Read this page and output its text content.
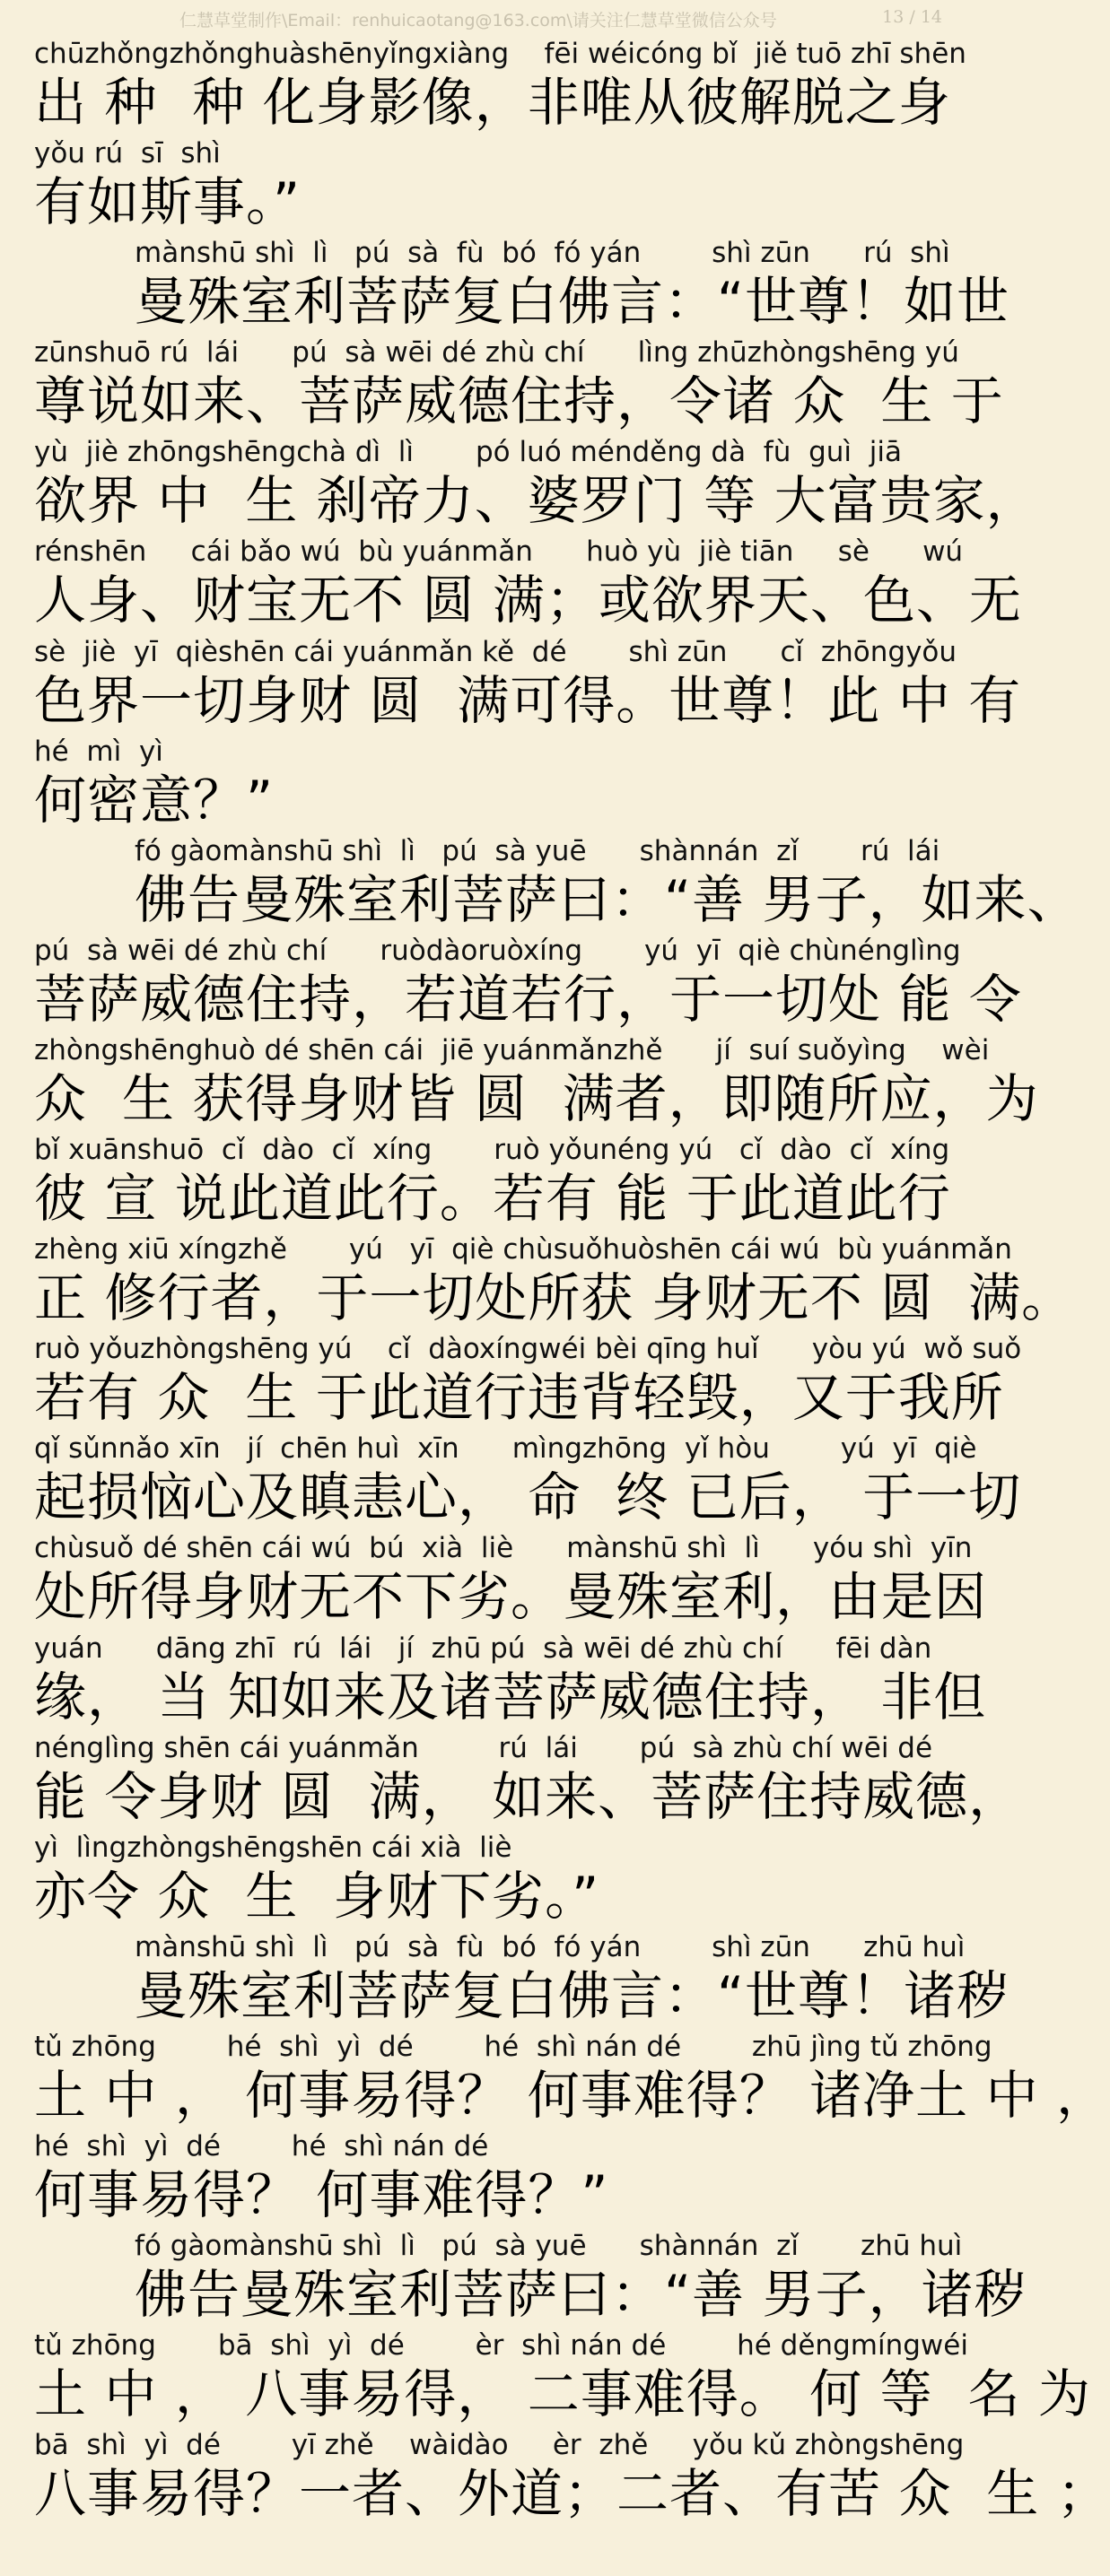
仁慧草堂制作\Email：renhuicaotang@163.com\请关注仁慧草堂微信公众号	13 / 14
chūzhǒngzhǒnghuàshēnyǐngxiàng    fēi wéicóng bǐ  jiě tuō zhī shēn
出 种  种 化身影像，非唯从彼解脱之身
yǒu rú  sī  shì
有如斯事。”
mànshū shì  lì   pú  sà  fù  bó  fó yán        shì zūn      rú  shì
曼殊室利菩萨复白佛言：“世尊！如世
zūnshuō rú  lái      pú  sà wēi dé zhù chí      lìng zhūzhòngshēng yú
尊说如来、菩萨威德住持，令诸 众  生 于
yù  jiè zhōngshēngchà dì  lì       pó luó ménděng dà  fù  guì  jiā
欲界 中  生 刹帝力、婆罗门 等 大富贵家，
rénshēn     cái bǎo wú  bù yuánmǎn      huò yù  jiè tiān     sè      wú
人身、财宝无不 圆 满；或欲界天、色、无
sè  jiè  yī  qièshēn cái yuánmǎn kě  dé       shì zūn      cǐ  zhōngyǒu
色界一切身财 圆  满可得。世尊！此 中 有
hé  mì  yì
何密意？”
fó gàomànshū shì  lì   pú  sà yuē      shànnán  zǐ       rú  lái
佛告曼殊室利菩萨曰：“善 男子，如来、
pú  sà wēi dé zhù chí      ruòdàoruòxíng       yú  yī  qiè chùnénglìng
菩萨威德住持，若道若行，于一切处 能 令
zhòngshēnghuò dé shēn cái  jiē yuánmǎnzhě      jí  suí suǒyìng    wèi
众  生 获得身财皆 圆  满者，即随所应，为
bǐ xuānshuō  cǐ  dào  cǐ  xíng       ruò yǒunéng yú   cǐ  dào  cǐ  xíng
彼 宣 说此道此行。若有 能 于此道此行
zhèng xiū xíngzhě       yú   yī  qiè chùsuǒhuòshēn cái wú  bù yuánmǎn
正 修行者，于一切处所获 身财无不 圆  满。
ruò yǒuzhòngshēng yú    cǐ  dàoxíngwéi bèi qīng huǐ      yòu yú  wǒ suǒ
若有 众  生 于此道行违背轻毁，又于我所
qǐ sǔnnǎo xīn   jí  chēn huì  xīn      mìngzhōng  yǐ hòu        yú  yī  qiè
起损恼心及瞋恚心， 命  终 已后， 于一切
chùsuǒ dé shēn cái wú  bú  xià  liè      mànshū shì  lì      yóu shì  yīn
处所得身财无不下劣。曼殊室利，由是因
yuán      dāng zhī  rú  lái   jí  zhū pú  sà wēi dé zhù chí      fēi dàn
缘， 当 知如来及诸菩萨威德住持， 非但
nénglìng shēn cái yuánmǎn         rú  lái       pú  sà zhù chí wēi dé
能 令身财 圆  满， 如来、菩萨住持威德，
yì  lìngzhòngshēngshēn cái xià  liè
亦令 众  生  身财下劣。”
mànshū shì  lì   pú  sà  fù  bó  fó yán        shì zūn      zhū huì
曼殊室利菩萨复白佛言：“世尊！诸秽
tǔ zhōng        hé  shì  yì  dé        hé  shì nán dé        zhū jìng tǔ zhōng
土 中 ， 何事易得？ 何事难得？ 诸净土 中 ，
hé  shì  yì  dé        hé  shì nán dé
何事易得？ 何事难得？”
fó gàomànshū shì  lì   pú  sà yuē      shànnán  zǐ       zhū huì
佛告曼殊室利菩萨曰：“善 男子，诸秽
tǔ zhōng       bā  shì  yì  dé        èr  shì nán dé        hé děngmíngwéi
土 中 ， 八事易得， 二事难得。 何 等  名 为
bā  shì  yì  dé        yī zhě    wàidào     èr  zhě     yǒu kǔ zhòngshēng
八事易得？一者、外道；二者、有苦 众  生 ；
